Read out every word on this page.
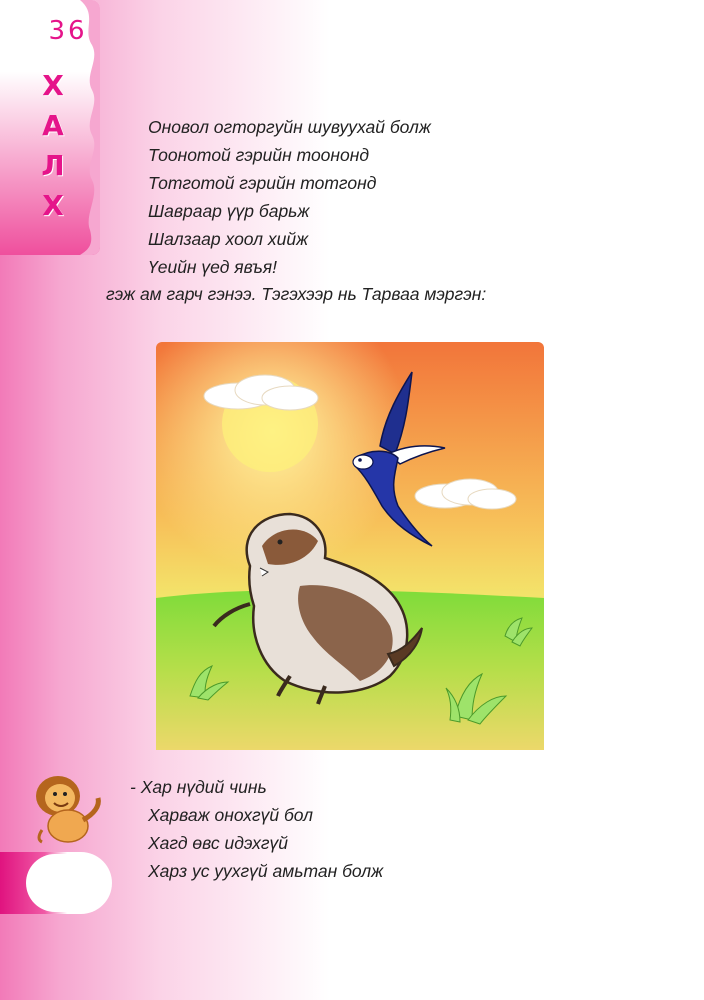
Х
А
Л
Х
Оновол огторгуйн шувуухай болж
Тоонотой гэрийн тоононд
Тотготой гэрийн тотгонд
Шавраар үүр барьж
Шалзаар хоол хийж
Үеийн үед явъя!
гэж ам гарч гэнээ. Тэгэхээр нь Тарваа мэргэн:
36
- Хар нүдий чинь
Харваж онохгүй бол
Хагд өвс идэхгүй
Харз ус уухгүй амьтан болж
